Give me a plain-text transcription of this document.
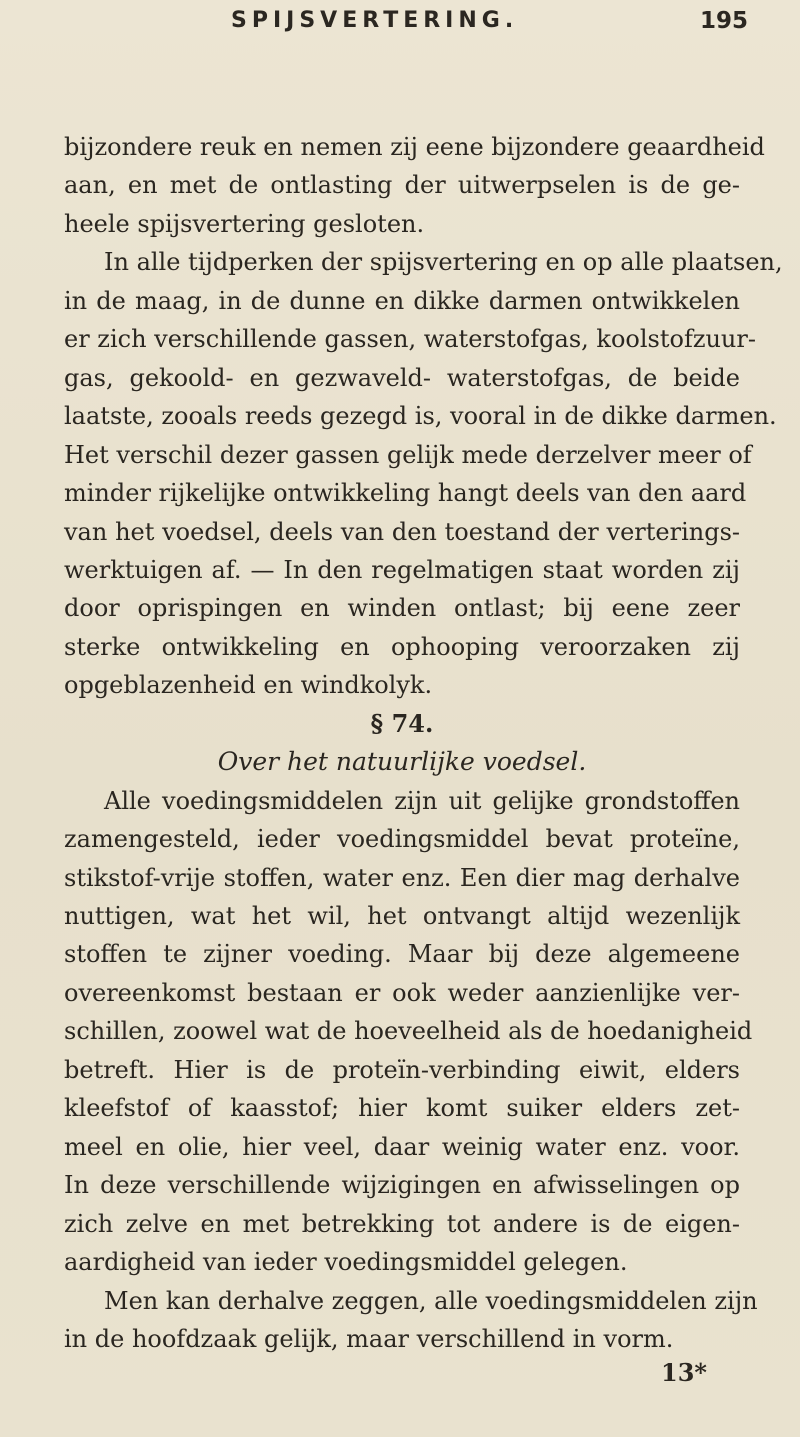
SPIJSVERTERING.	195
bijzondere reuk en nemen zij eene bijzondere geaardheid
aan, en met de ontlasting der uitwerpselen is de ge-
heele spijsvertering gesloten.
In alle tijdperken der spijsvertering en op alle plaatsen,
in de maag, in de dunne en dikke darmen ontwikkelen
er zich verschillende gassen, waterstofgas, koolstofzuur-
gas, gekoold- en gezwaveld- waterstofgas, de beide
laatste, zooals reeds gezegd is, vooral in de dikke darmen.
Het verschil dezer gassen gelijk mede derzelver meer of
minder rijkelijke ontwikkeling hangt deels van den aard
van het voedsel, deels van den toestand der verterings-
werktuigen af. — In den regelmatigen staat worden zij
door oprispingen en winden ontlast; bij eene zeer
sterke ontwikkeling en ophooping veroorzaken zij
opgeblazenheid en windkolyk.
§ 74.
Over het natuurlijke voedsel.
Alle voedingsmiddelen zijn uit gelijke grondstoffen
zamengesteld, ieder voedingsmiddel bevat proteïne,
stikstof-vrije stoffen, water enz. Een dier mag derhalve
nuttigen, wat het wil, het ontvangt altijd wezenlijk
stoffen te zijner voeding. Maar bij deze algemeene
overeenkomst bestaan er ook weder aanzienlijke ver-
schillen, zoowel wat de hoeveelheid als de hoedanigheid
betreft. Hier is de proteïn-verbinding eiwit, elders
kleefstof of kaasstof; hier komt suiker elders zet-
meel en olie, hier veel, daar weinig water enz. voor.
In deze verschillende wijzigingen en afwisselingen op
zich zelve en met betrekking tot andere is de eigen-
aardigheid van ieder voedingsmiddel gelegen.
Men kan derhalve zeggen, alle voedingsmiddelen zijn
in de hoofdzaak gelijk, maar verschillend in vorm.
13*
